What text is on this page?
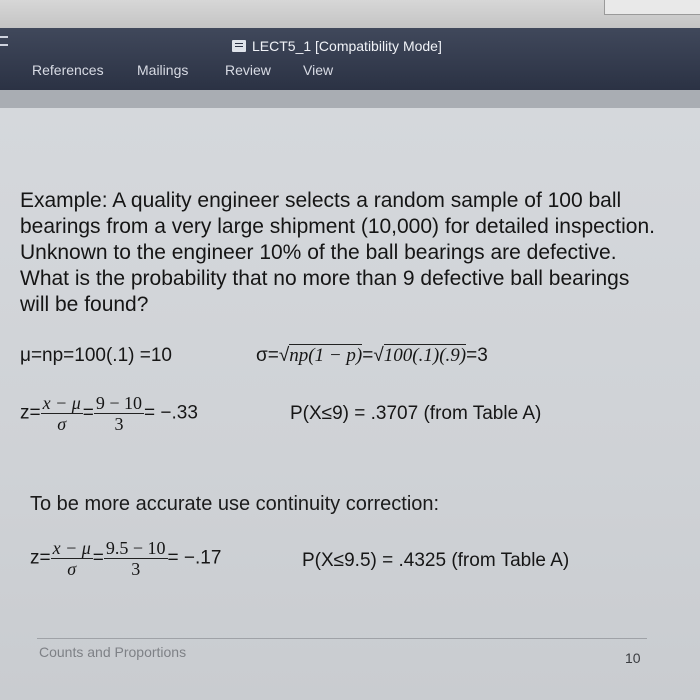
LECT5_1 [Compatibility Mode]
References	Mailings	Review	View
Example: A quality engineer selects a random sample of 100 ball bearings from a very large shipment (10,000) for detailed inspection. Unknown to the engineer 10% of the ball bearings are defective. What is the probability that no more than 9 defective ball bearings will be found?
μ=np=100(.1) =10	σ=√np(1 − p)=√100(.1)(.9)=3
$z= \frac{x - \mu}{\sigma} = \frac{9 - 10}{3} = -.33$	P(X≤9) = .3707 (from Table A)
To be more accurate use continuity correction:
$z= \frac{x - \mu}{\sigma} = \frac{9.5 - 10}{3} = -.17$	P(X≤9.5) = .4325 (from Table A)
Counts and Proportions	10
